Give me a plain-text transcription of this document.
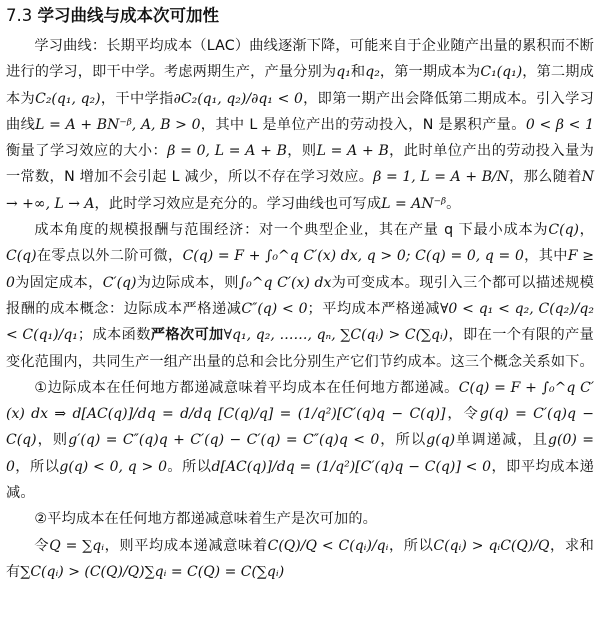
7.3 学习曲线与成本次可加性

学习曲线：长期平均成本（LAC）曲线逐渐下降，可能来自于企业随产出量的累积而不断进行的学习，即干中学。考虑两期生产，产量分别为q₁和q₂，第一期成本为C₁(q₁)，第二期成本为C₂(q₁, q₂)，干中学指∂C₂(q₁, q₂)/∂q₁ < 0，即第一期产出会降低第二期成本。引入学习曲线L = A + BN⁻ᵝ, A, B > 0，其中 L 是单位产出的劳动投入，N 是累积产量。0 < β < 1衡量了学习效应的大小：β = 0, L = A + B，则L = A + B，此时单位产出的劳动投入量为一常数，N 增加不会引起 L 减少，所以不存在学习效应。β = 1, L = A + B/N，那么随着N → +∞, L → A，此时学习效应是充分的。学习曲线也可写成L = AN⁻ᵝ。

成本角度的规模报酬与范围经济：对一个典型企业，其在产量 q 下最小成本为C(q)，C(q)在零点以外二阶可微，C(q) = F + ∫₀^q C′(x) dx, q > 0; C(q) = 0, q = 0，其中F ≥ 0为固定成本，C′(q)为边际成本，则∫₀^q C′(x) dx为可变成本。现引入三个都可以描述规模报酬的成本概念：边际成本严格递减C″(q) < 0；平均成本严格递减∀0 < q₁ < q₂, C(q₂)/q₂ < C(q₁)/q₁；成本函数严格次可加∀q₁, q₂, ……, qₙ, ∑C(qᵢ) > C(∑qᵢ)，即在一个有限的产量变化范围内，共同生产一组产出量的总和会比分别生产它们节约成本。这三个概念关系如下。

①边际成本在任何地方都递减意味着平均成本在任何地方都递减。C(q) = F + ∫₀^q C′(x) dx ⇒ d[AC(q)]/dq = d/dq [C(q)/q] = (1/q²)[C′(q)q − C(q)]，令g(q) = C′(q)q − C(q)，则g′(q) = C″(q)q + C′(q) − C′(q) = C″(q)q < 0，所以g(q)单调递减，且g(0) = 0，所以g(q) < 0, q > 0。所以d[AC(q)]/dq = (1/q²)[C′(q)q − C(q)] < 0，即平均成本递减。

②平均成本在任何地方都递减意味着生产是次可加的。

令Q = ∑qᵢ，则平均成本递减意味着C(Q)/Q < C(qᵢ)/qᵢ，所以C(qᵢ) > qᵢC(Q)/Q，求和有∑C(qᵢ) > (C(Q)/Q)∑qᵢ = C(Q) = C(∑qᵢ)
